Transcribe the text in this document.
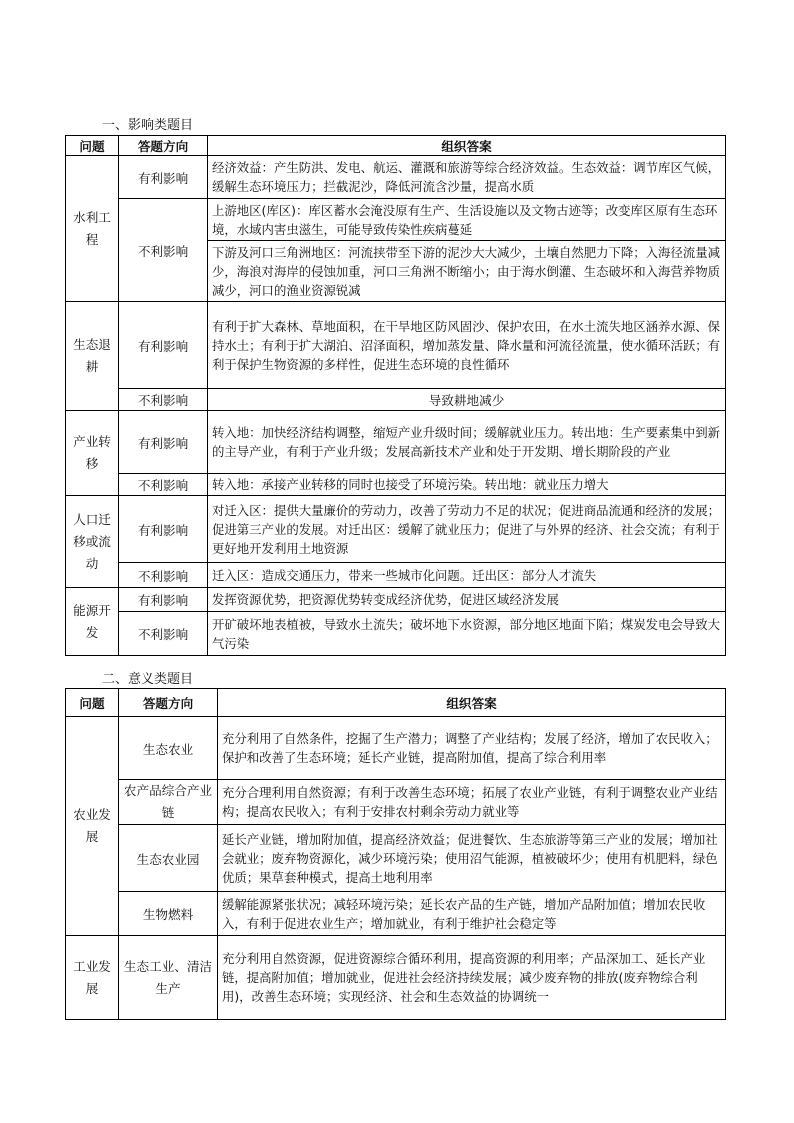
一、影响类题目
问题	答题方向	组织答案
水利工程	有利影响	经济效益：产生防洪、发电、航运、灌溉和旅游等综合经济效益。生态效益：调节库区气候，缓解生态环境压力；拦截泥沙，降低河流含沙量，提高水质
	不利影响	上游地区(库区)：库区蓄水会淹没原有生产、生活设施以及文物古迹等；改变库区原有生态环境，水域内害虫滋生，可能导致传染性疾病蔓延
		下游及河口三角洲地区：河流挟带至下游的泥沙大大减少，土壤自然肥力下降；入海径流量减少，海浪对海岸的侵蚀加重，河口三角洲不断缩小；由于海水倒灌、生态破坏和入海营养物质减少，河口的渔业资源锐减
生态退耕	有利影响	有利于扩大森林、草地面积，在干旱地区防风固沙、保护农田，在水土流失地区涵养水源、保持水土；有利于扩大湖泊、沼泽面积，增加蒸发量、降水量和河流径流量，使水循环活跃；有利于保护生物资源的多样性，促进生态环境的良性循环
	不利影响	导致耕地减少
产业转移	有利影响	转入地：加快经济结构调整，缩短产业升级时间；缓解就业压力。转出地：生产要素集中到新的主导产业，有利于产业升级；发展高新技术产业和处于开发期、增长期阶段的产业
	不利影响	转入地：承接产业转移的同时也接受了环境污染。转出地：就业压力增大
人口迁移或流动	有利影响	对迁入区：提供大量廉价的劳动力，改善了劳动力不足的状况；促进商品流通和经济的发展；促进第三产业的发展。对迁出区：缓解了就业压力；促进了与外界的经济、社会交流；有利于更好地开发利用土地资源
	不利影响	迁入区：造成交通压力，带来一些城市化问题。迁出区：部分人才流失
能源开发	有利影响	发挥资源优势，把资源优势转变成经济优势，促进区域经济发展
	不利影响	开矿破坏地表植被，导致水土流失；破坏地下水资源，部分地区地面下陷；煤炭发电会导致大气污染
二、意义类题目
问题	答题方向	组织答案
农业发展	生态农业	充分利用了自然条件，挖掘了生产潜力；调整了产业结构；发展了经济，增加了农民收入；保护和改善了生态环境；延长产业链，提高附加值，提高了综合利用率
	农产品综合产业链	充分合理利用自然资源；有利于改善生态环境；拓展了农业产业链，有利于调整农业产业结构；提高农民收入；有利于安排农村剩余劳动力就业等
	生态农业园	延长产业链，增加附加值，提高经济效益；促进餐饮、生态旅游等第三产业的发展；增加社会就业；废弃物资源化，减少环境污染；使用沼气能源，植被破坏少；使用有机肥料，绿色优质；果草套种模式，提高土地利用率
	生物燃料	缓解能源紧张状况；减轻环境污染；延长农产品的生产链，增加产品附加值；增加农民收入，有利于促进农业生产；增加就业，有利于维护社会稳定等
工业发展	生态工业、清洁生产	充分利用自然资源，促进资源综合循环利用，提高资源的利用率；产品深加工、延长产业链，提高附加值；增加就业，促进社会经济持续发展；减少废弃物的排放(废弃物综合利用)，改善生态环境；实现经济、社会和生态效益的协调统一
